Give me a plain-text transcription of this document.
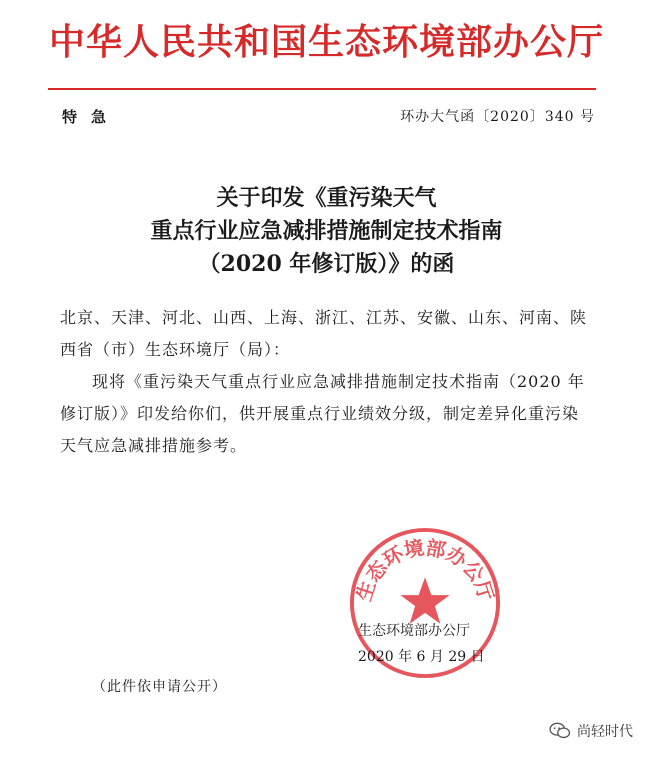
中华人民共和国生态环境部办公厅
特急	环办大气函〔2020〕340 号
关于印发《重污染天气
重点行业应急减排措施制定技术指南
（2020 年修订版）》的函
北京、天津、河北、山西、上海、浙江、江苏、安徽、山东、河南、陕西省（市）生态环境厅（局）：
现将《重污染天气重点行业应急减排措施制定技术指南（2020 年修订版）》印发给你们，供开展重点行业绩效分级，制定差异化重污染天气应急减排措施参考。
生态环境部办公厅
生态环境部办公厅
2020 年 6 月 29 日
（此件依申请公开）
尚轻时代
